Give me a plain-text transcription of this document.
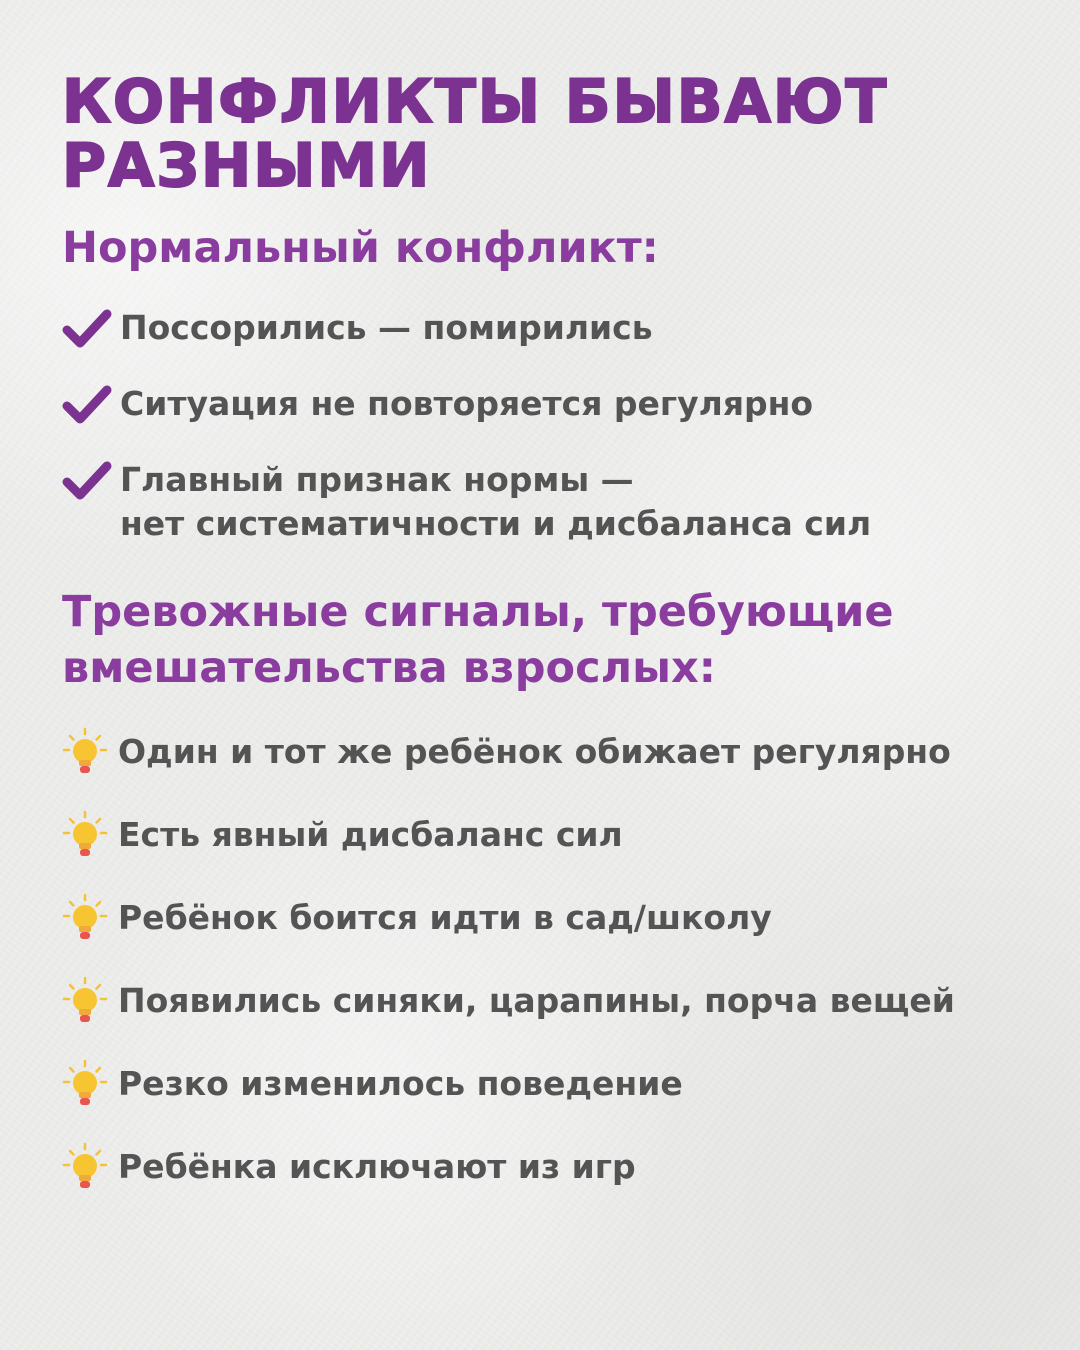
КОНФЛИКТЫ БЫВАЮТ РАЗНЫМИ
Нормальный конфликт:
Поссорились — помирились
Ситуация не повторяется регулярно
Главный признак нормы —
нет систематичности и дисбаланса сил
Тревожные сигналы, требующие вмешательства взрослых:
Один и тот же ребёнок обижает регулярно
Есть явный дисбаланс сил
Ребёнок боится идти в сад/школу
Появились синяки, царапины, порча вещей
Резко изменилось поведение
Ребёнка исключают из игр
